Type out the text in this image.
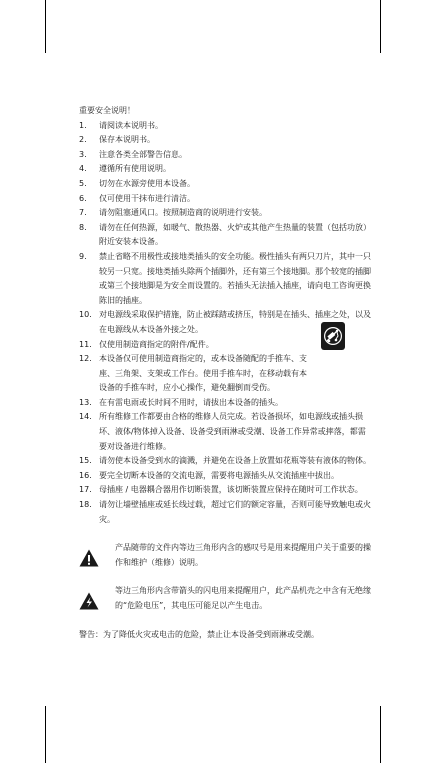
重要安全说明！
1.	请阅读本说明书。
2.	保存本说明书。
3.	注意各类全部警告信息。
4.	遵循所有使用说明。
5.	切勿在水源旁使用本设备。
6.	仅可使用干抹布进行清洁。
7.	请勿阻塞通风口。按照制造商的说明进行安装。
8.	请勿在任何热源，如暖气、散热器、火炉或其他产生热量的装置（包括功放）附近安装本设备。
9.	禁止省略不用极性或接地类插头的安全功能。极性插头有两只刀片，其中一只较另一只宽。接地类插头除两个插脚外，还有第三个接地脚。那个较宽的插脚或第三个接地脚是为安全而设置的。若插头无法插入插座，请向电工咨询更换陈旧的插座。
10. 对电源线采取保护措施，防止被踩踏或挤压，特别是在插头、插座之处，以及在电源线从本设备外接之处。
11. 仅使用制造商指定的附件/配件。
12. 本设备仅可使用制造商指定的，或本设备随配的手推车、支座、三角架、支架或工作台。使用手推车时，在移动载有本设备的手推车时，应小心操作，避免翻倒而受伤。
13. 在有雷电雨或长时间不用时，请拔出本设备的插头。
14. 所有维修工作都要由合格的维修人员完成。若设备损坏，如电源线或插头损坏、液体/物体掉入设备、设备受到雨淋或受潮、设备工作异常或摔落，都需要对设备进行维修。
15. 请勿使本设备受到水的滴溅，并避免在设备上放置如花瓶等装有液体的物体。
16. 要完全切断本设备的交流电源，需要将电源插头从交流插座中拔出。
17. 母插座 / 电器耦合器用作切断装置，该切断装置应保持在随时可工作状态。
18. 请勿让墙壁插座或延长线过载，超过它们的额定容量，否则可能导致触电或火灾。
产品随带的文件内等边三角形内含的感叹号是用来提醒用户关于重要的操作和维护（维修）说明。
等边三角形内含带箭头的闪电用来提醒用户，此产品机壳之中含有无绝缘的“危险电压”，其电压可能足以产生电击。
警告：为了降低火灾或电击的危险，禁止让本设备受到雨淋或受潮。
